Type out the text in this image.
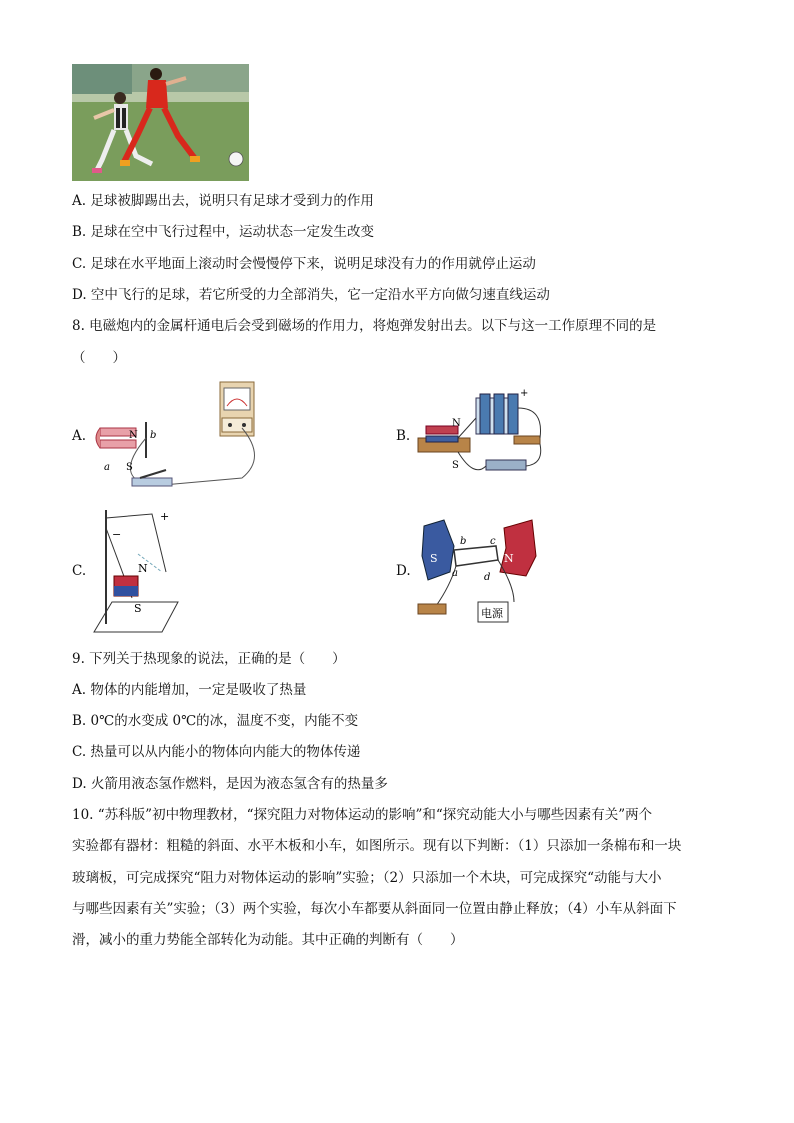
A. 足球被脚踢出去，说明只有足球才受到力的作用
B. 足球在空中飞行过程中，运动状态一定发生改变
C. 足球在水平地面上滚动时会慢慢停下来，说明足球没有力的作用就停止运动
D. 空中飞行的足球，若它所受的力全部消失，它一定沿水平方向做匀速直线运动
8. 电磁炮内的金属杆通电后会受到磁场的作用力，将炮弹发射出去。以下与这一工作原理不同的是
（　　）
A.	B.
C.	D.
N b
a S
N
S
+
+
−
N
S
S	N
b c
a	d
电源
9. 下列关于热现象的说法，正确的是（　　）
A. 物体的内能增加，一定是吸收了热量
B. 0℃的水变成 0℃的冰，温度不变，内能不变
C. 热量可以从内能小的物体向内能大的物体传递
D. 火箭用液态氢作燃料，是因为液态氢含有的热量多
10. “苏科版”初中物理教材，“探究阻力对物体运动的影响”和“探究动能大小与哪些因素有关”两个
实验都有器材：粗糙的斜面、水平木板和小车，如图所示。现有以下判断：（1）只添加一条棉布和一块
玻璃板，可完成探究“阻力对物体运动的影响”实验；（2）只添加一个木块，可完成探究“动能与大小
与哪些因素有关”实验；（3）两个实验，每次小车都要从斜面同一位置由静止释放；（4）小车从斜面下
滑，减小的重力势能全部转化为动能。其中正确的判断有（　　）
